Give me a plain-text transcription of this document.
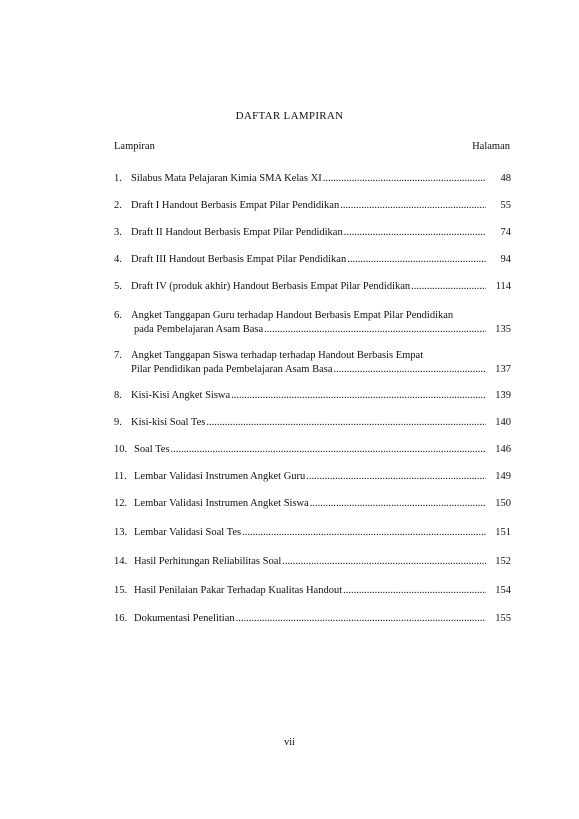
DAFTAR LAMPIRAN
Lampiran	Halaman
1. Silabus Mata Pelajaran Kimia SMA Kelas XI .....	48
2. Draft I Handout Berbasis Empat Pilar Pendidikan .....	55
3. Draft II Handout Berbasis Empat Pilar Pendidikan .....	74
4. Draft III Handout Berbasis Empat Pilar Pendidikan .....	94
5. Draft IV (produk akhir) Handout Berbasis Empat Pilar Pendidikan .....	114
6. Angket Tanggapan Guru terhadap Handout Berbasis Empat Pilar Pendidikan
pada Pembelajaran Asam Basa .....	135
7. Angket Tanggapan Siswa terhadap terhadap Handout Berbasis Empat
Pilar Pendidikan pada Pembelajaran Asam Basa .....	137
8. Kisi-Kisi Angket Siswa .....	139
9. Kisi-kisi Soal Tes .....	140
10. Soal Tes .....	146
11. Lembar Validasi Instrumen Angket Guru .....	149
12. Lembar Validasi Instrumen Angket Siswa .....	150
13. Lembar Validasi Soal Tes .....	151
14. Hasil Perhitungan Reliabilitas Soal .....	152
15. Hasil Penilaian Pakar Terhadap Kualitas Handout .....	154
16. Dokumentasi Penelitian .....	155
vii
